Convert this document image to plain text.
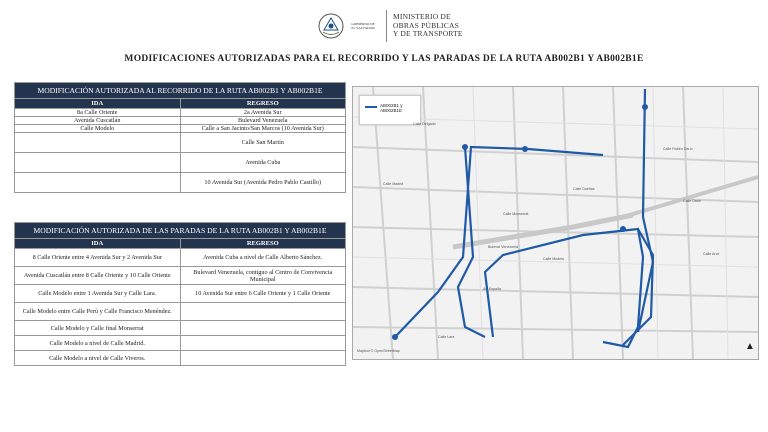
GOBIERNO DE
EL SALVADOR
MINISTERIO DE
OBRAS PÚBLICAS
Y DE TRANSPORTE
MODIFICACIONES AUTORIZADAS PARA EL RECORRIDO Y LAS PARADAS DE LA RUTA AB002B1 Y AB002B1E
MODIFICACIÓN AUTORIZADA AL RECORRIDO DE LA RUTA AB002B1 Y AB002B1E	
IDA	REGRESO
8a Calle Oriente	2a Avenida Sur
Avenida Cuscatlán	Bulevard Venezuela
Calle Modelo	Calle a San Jacinto/San Marcos (10 Avenida Sur)
	Calle San Martín
	Avenida Cuba
	10 Avenida Sur (Avenida Pedro Pablo Castillo)
MODIFICACIÓN AUTORIZADA DE LAS PARADAS DE LA RUTA AB002B1 Y AB002B1E	
IDA	REGRESO
8 Calle Oriente entre 4 Avenida Sur y 2 Avenida Sur	Avenida Cuba a nivel de Calle Alberto Sánchez.
Avenida Cuscatlán entre 8 Calle Oriente y 10 Calle Oriente	Bulevard Venezuela, contiguo al Centro de Convivencia Municipal
Calle Modelo entre 1 Avenida Sur y Calle Lara.	10 Avenida Sur entre 6 Calle Oriente y 1 Calle Oriente
Calle Modelo entre Calle Perú y Calle Francisco Menéndez.	
Calle Modelo y Calle final Monserrat	
Calle Modelo a nivel de Calle Madrid.	
Calle Modelo a nivel de Calle Viveros.	
▲
AB002B1 y AB002B1E
Calle Lara
Calle Modelo
Calle Madrid
Calle Monserrat
Calle Dueñas
Calle Delgado
Calle Darío
Av. España
Bulevar Venezuela
Calle Arce
Calle Rubén Darío
Mapbox © OpenStreetMap
